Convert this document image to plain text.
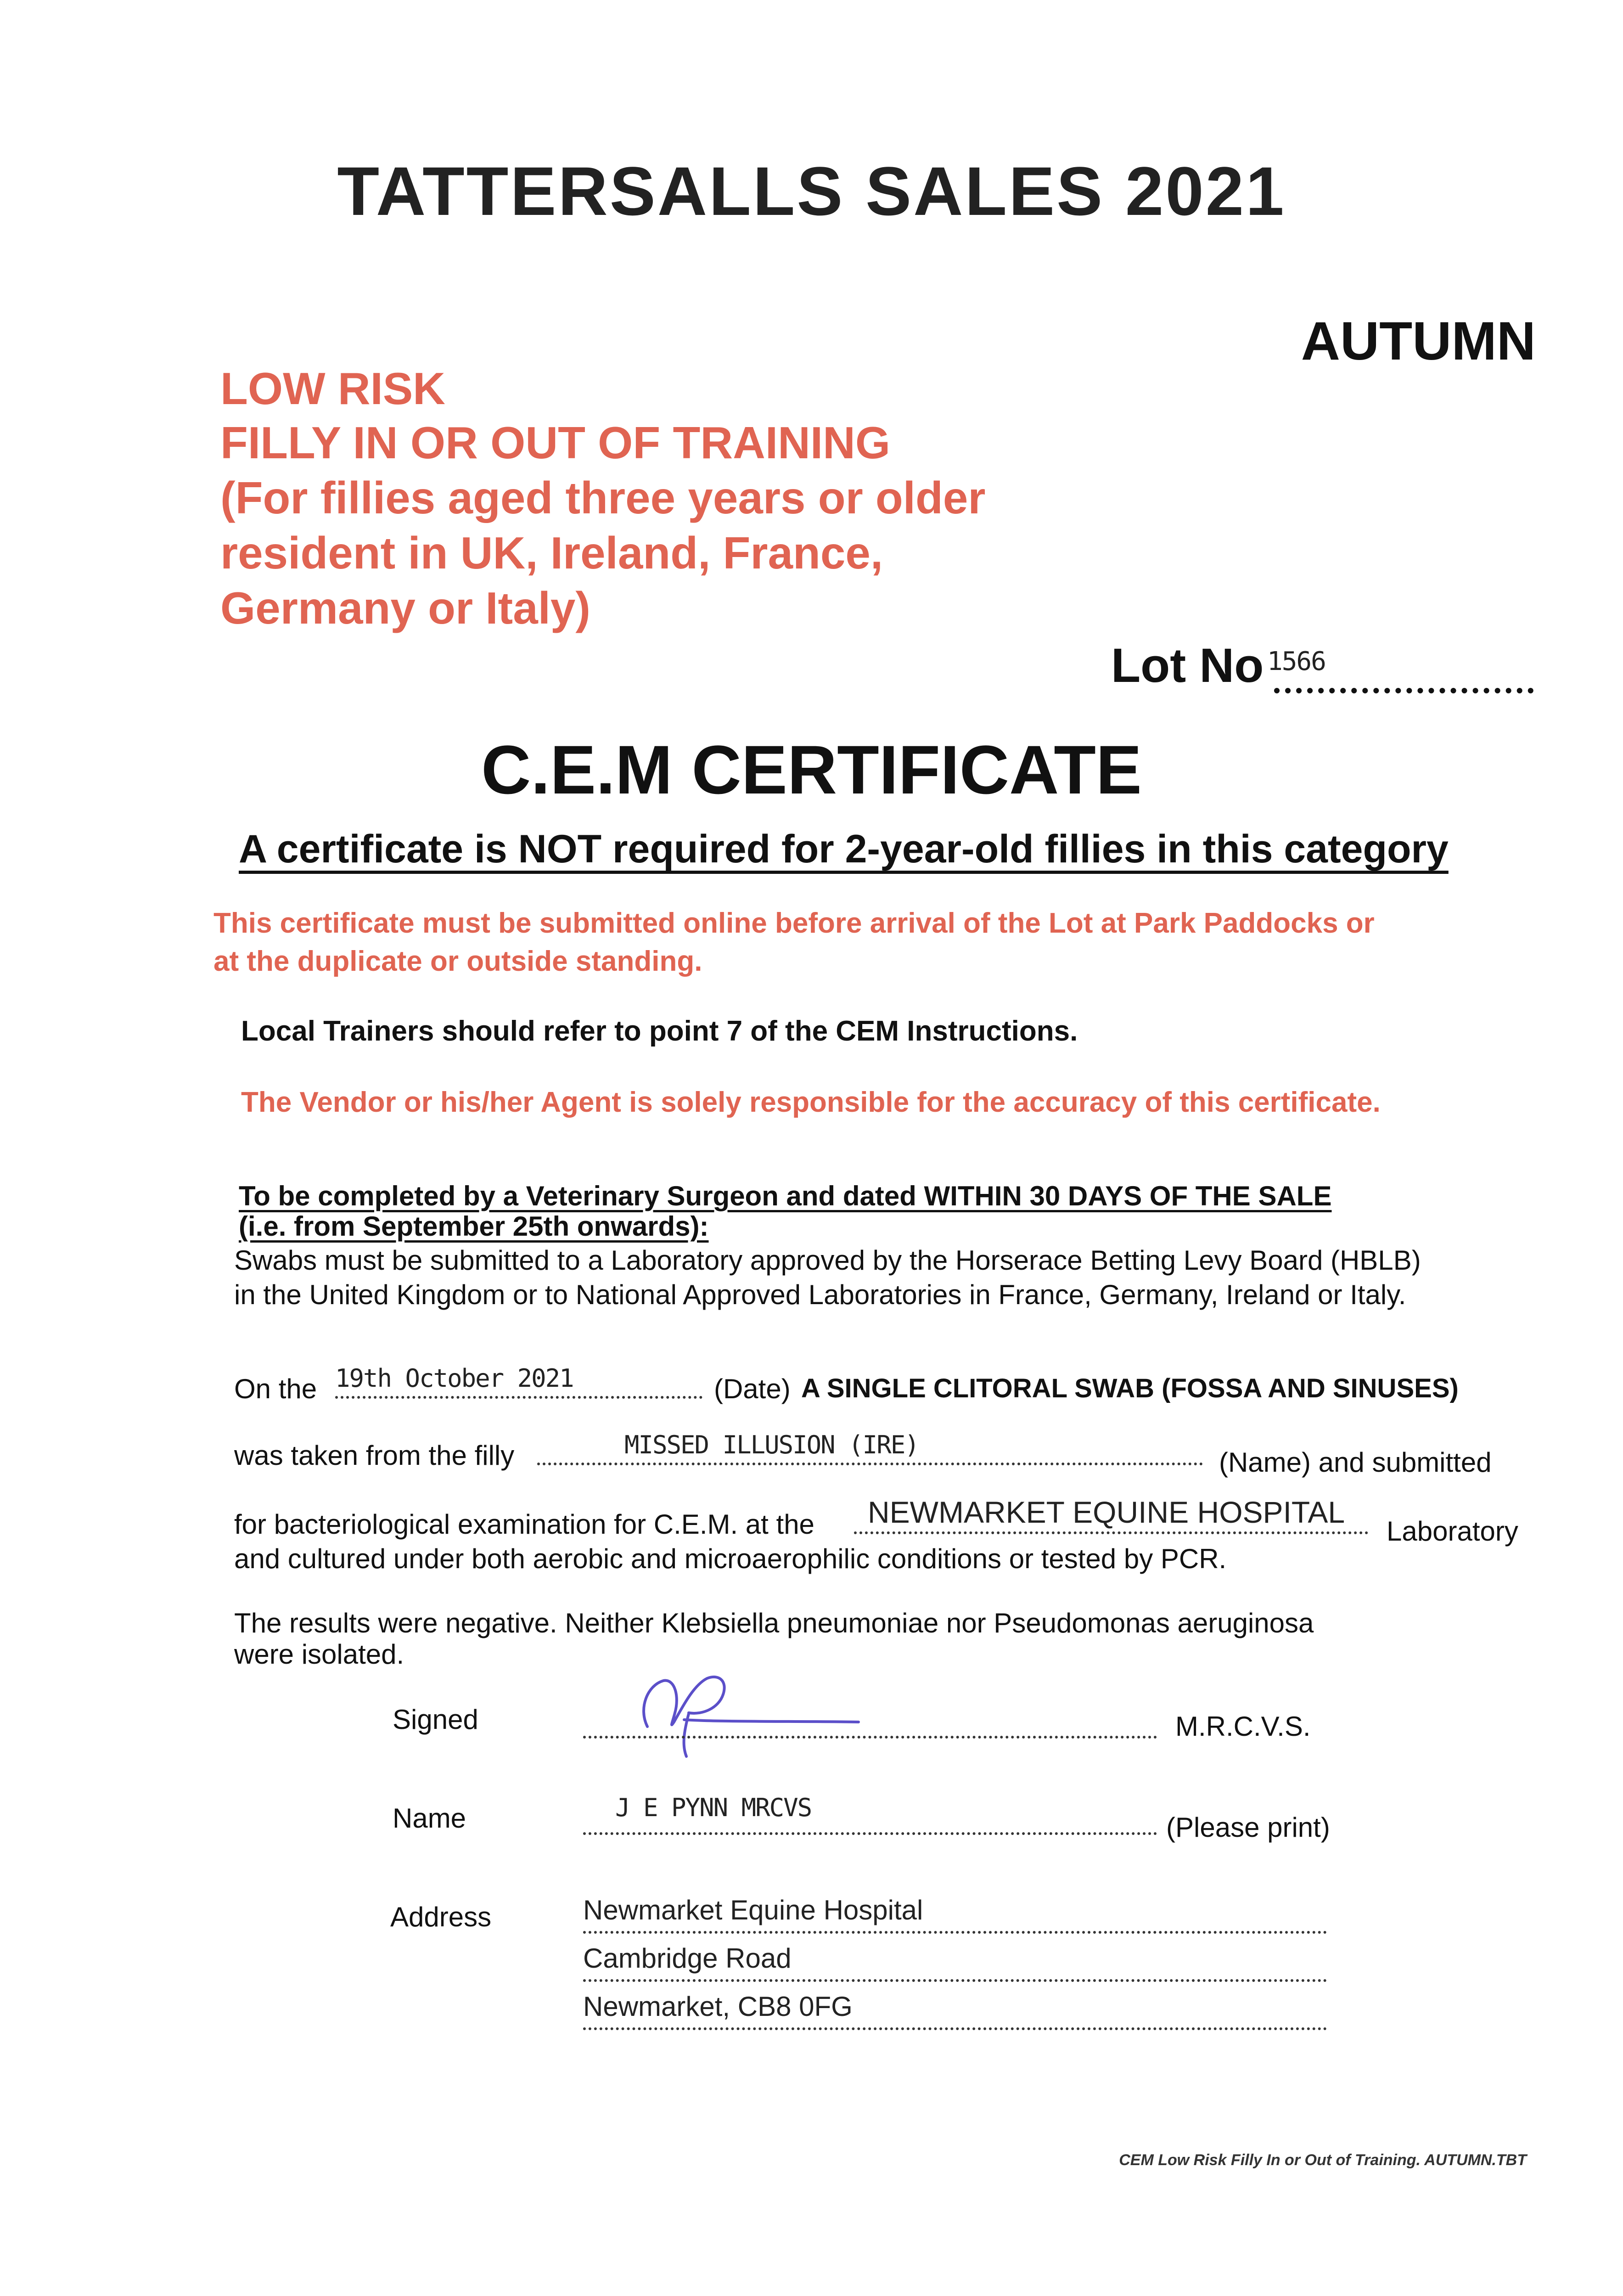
TATTERSALLS SALES 2021
AUTUMN
LOW RISK
FILLY IN OR OUT OF TRAINING
(For fillies aged three years or older
resident in UK, Ireland, France,
Germany or Italy)
Lot No 1566
C.E.M CERTIFICATE
A certificate is NOT required for 2-year-old fillies in this category
This certificate must be submitted online before arrival of the Lot at Park Paddocks or
at the duplicate or outside standing.
Local Trainers should refer to point 7 of the CEM Instructions.
The Vendor or his/her Agent is solely responsible for the accuracy of this certificate.
To be completed by a Veterinary Surgeon and dated WITHIN 30 DAYS OF THE SALE
(i.e. from September 25th onwards):
Swabs must be submitted to a Laboratory approved by the Horserace Betting Levy Board (HBLB)
in the United Kingdom or to National Approved Laboratories in France, Germany, Ireland or Italy.
On the 19th October 2021	(Date) A SINGLE CLITORAL SWAB (FOSSA AND SINUSES)
was taken from the filly	MISSED ILLUSION (IRE)
(Name) and submitted
for bacteriological examination for C.E.M. at the NEWMARKET EQUINE HOSPITAL
Laboratory
and cultured under both aerobic and microaerophilic conditions or tested by PCR.
The results were negative. Neither Klebsiella pneumoniae nor Pseudomonas aeruginosa
were isolated.
Signed	M.R.C.V.S.
Name	J E PYNN MRCVS
(Please print)
Address	Newmarket Equine Hospital
Cambridge Road
Newmarket, CB8 0FG
CEM Low Risk Filly In or Out of Training. AUTUMN.TBT
